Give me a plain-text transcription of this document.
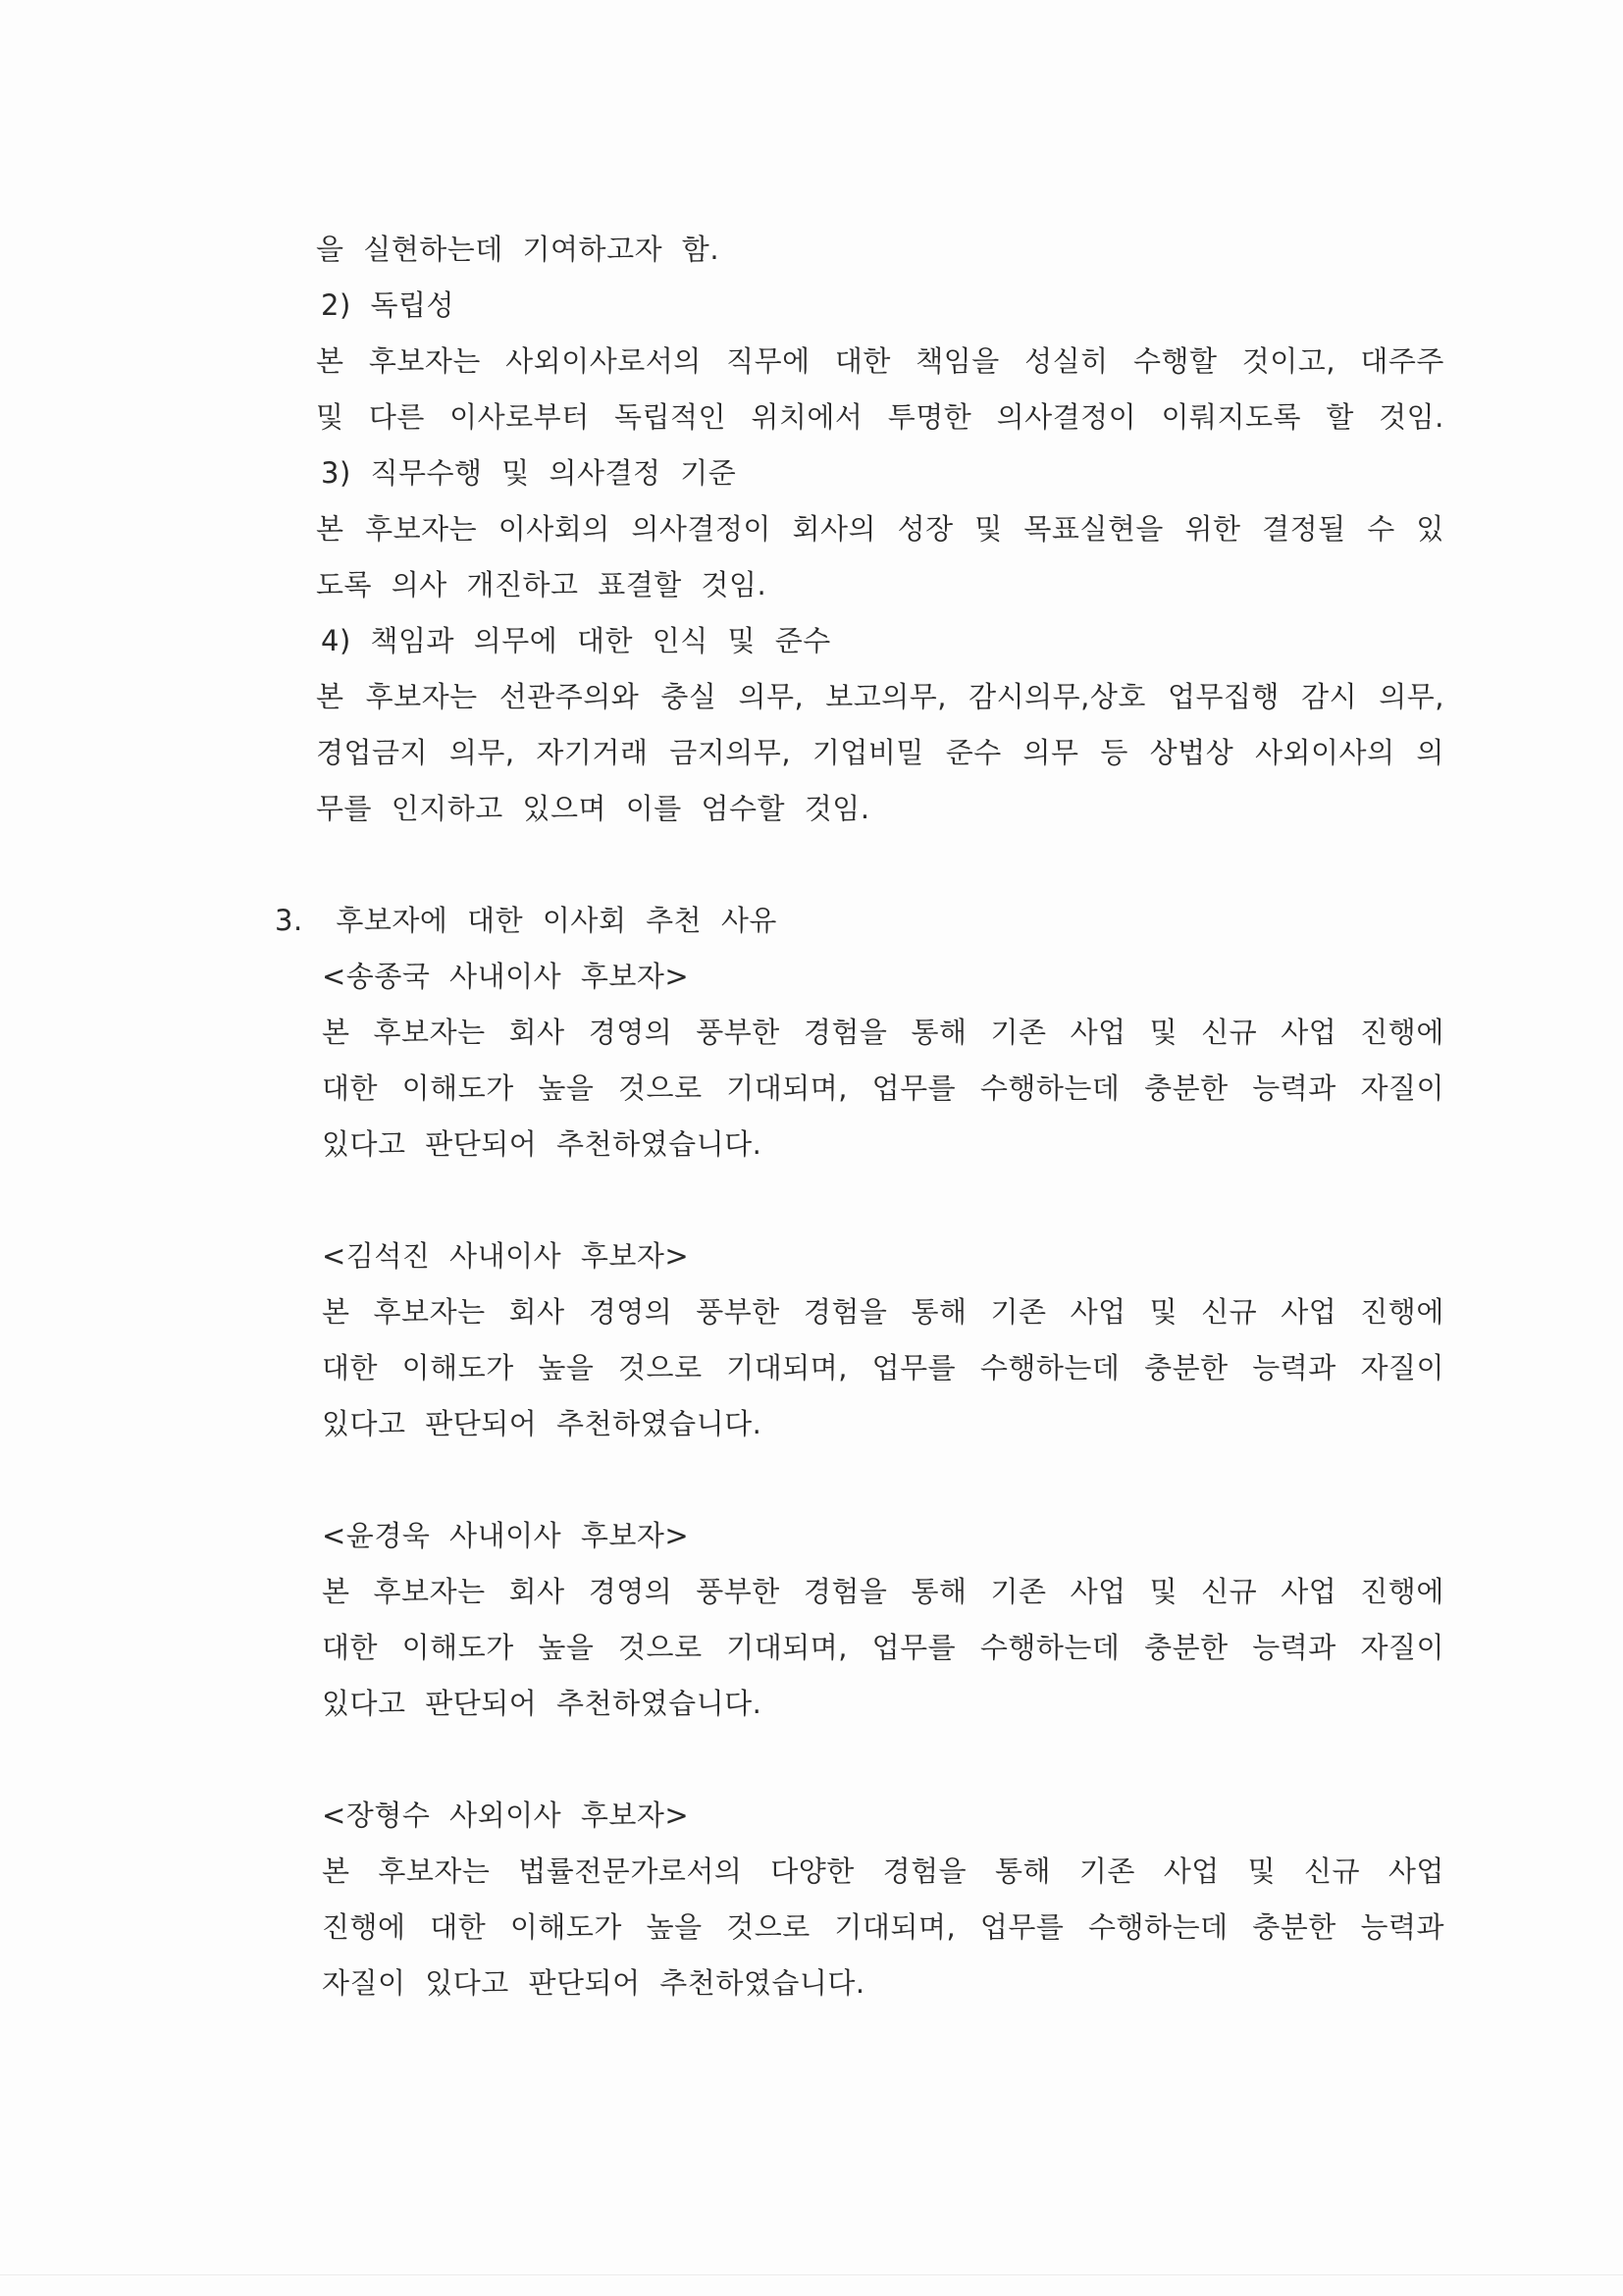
을 실현하는데 기여하고자 함.
2) 독립성
본 후보자는 사외이사로서의 직무에 대한 책임을 성실히 수행할 것이고, 대주주
및 다른 이사로부터 독립적인 위치에서 투명한 의사결정이 이뤄지도록 할 것임.
3) 직무수행 및 의사결정 기준
본 후보자는 이사회의 의사결정이 회사의 성장 및 목표실현을 위한 결정될 수 있
도록 의사 개진하고 표결할 것임.
4) 책임과 의무에 대한 인식 및 준수
본 후보자는 선관주의와 충실 의무, 보고의무, 감시의무,상호 업무집행 감시 의무,
경업금지 의무, 자기거래 금지의무, 기업비밀 준수 의무 등 상법상 사외이사의 의
무를 인지하고 있으며 이를 엄수할 것임.
3. 후보자에 대한 이사회 추천 사유
<송종국 사내이사 후보자>
본 후보자는 회사 경영의 풍부한 경험을 통해 기존 사업 및 신규 사업 진행에
대한 이해도가 높을 것으로 기대되며, 업무를 수행하는데 충분한 능력과 자질이
있다고 판단되어 추천하였습니다.
<김석진 사내이사 후보자>
본 후보자는 회사 경영의 풍부한 경험을 통해 기존 사업 및 신규 사업 진행에
대한 이해도가 높을 것으로 기대되며, 업무를 수행하는데 충분한 능력과 자질이
있다고 판단되어 추천하였습니다.
<윤경욱 사내이사 후보자>
본 후보자는 회사 경영의 풍부한 경험을 통해 기존 사업 및 신규 사업 진행에
대한 이해도가 높을 것으로 기대되며, 업무를 수행하는데 충분한 능력과 자질이
있다고 판단되어 추천하였습니다.
<장형수 사외이사 후보자>
본 후보자는 법률전문가로서의 다양한 경험을 통해 기존 사업 및 신규 사업
진행에 대한 이해도가 높을 것으로 기대되며, 업무를 수행하는데 충분한 능력과
자질이 있다고 판단되어 추천하였습니다.
